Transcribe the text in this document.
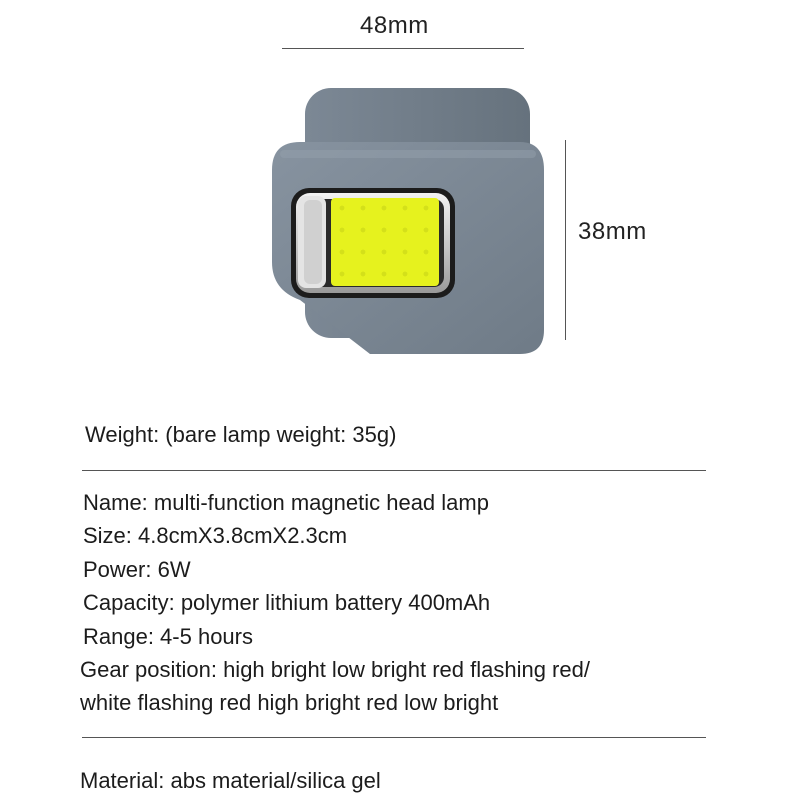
48mm
38mm
Weight: (bare lamp weight: 35g)
Name: multi-function magnetic head lamp
Size: 4.8cmX3.8cmX2.3cm
Power: 6W
Capacity: polymer lithium battery 400mAh
Range: 4-5 hours
Gear position: high bright low bright red flashing red/
white flashing red high bright red low bright
Material: abs material/silica gel
